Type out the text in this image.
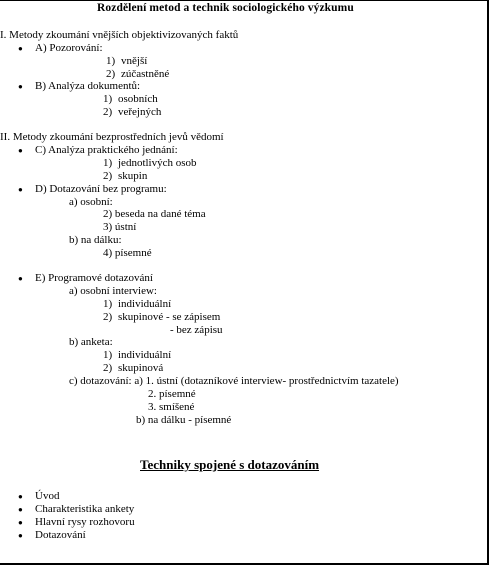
Rozdělení metod a technik sociologického výzkumu
I. Metody zkoumání vnějších objektivizovaných faktů
● A) Pozorování:
1) vnější
2) zúčastněné
● B) Analýza dokumentů:
1) osobních
2) veřejných
II. Metody zkoumání bezprostředních jevů vědomí
● C) Analýza praktického jednání:
1) jednotlivých osob
2) skupin
● D) Dotazování bez programu:
a) osobní:
2) beseda na dané téma
3) ústní
b) na dálku:
4) písemné
● E) Programové dotazování
a) osobní interview:
1) individuální
2) skupinové - se zápisem
- bez zápisu
b) anketa:
1) individuální
2) skupinová
c) dotazování: a) 1. ústní (dotazníkové interview- prostřednictvím tazatele)
2. písemné
3. smíšené
b) na dálku - písemné
Techniky spojené s dotazováním
● Úvod
● Charakteristika ankety
● Hlavní rysy rozhovoru
● Dotazování
